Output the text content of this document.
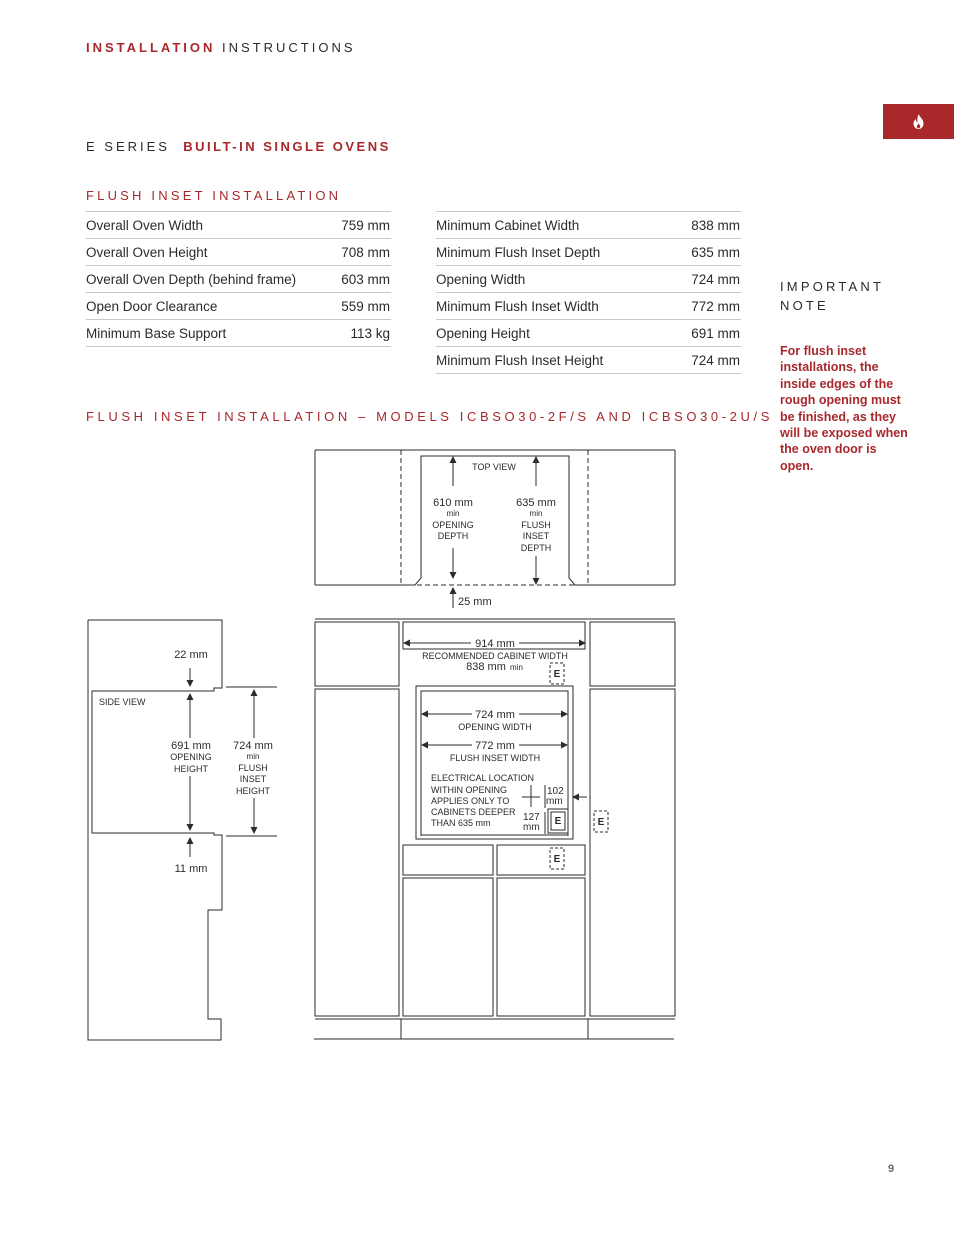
INSTALLATION INSTRUCTIONS
E SERIES BUILT-IN SINGLE OVENS
FLUSH INSET INSTALLATION
Overall Oven Width	759 mm
Overall Oven Height	708 mm
Overall Oven Depth (behind frame)	603 mm
Open Door Clearance	559 mm
Minimum Base Support	113 kg
Minimum Cabinet Width	838 mm
Minimum Flush Inset Depth	635 mm
Opening Width	724 mm
Minimum Flush Inset Width	772 mm
Opening Height	691 mm
Minimum Flush Inset Height	724 mm
FLUSH INSET INSTALLATION – MODELS ICBSO30-2F/S AND ICBSO30-2U/S
IMPORTANT
NOTE
For flush inset installations, the inside edges of the rough opening must be finished, as they will be exposed when the oven door is open.
9
TOP VIEW
610 mm
min
OPENING
DEPTH
635 mm
min
FLUSH
INSET
DEPTH
25 mm
22 mm
SIDE VIEW
691 mm
OPENING
HEIGHT
724 mm
min
FLUSH
INSET
HEIGHT
11 mm
914 mm
RECOMMENDED CABINET WIDTH
838 mm min
724 mm
OPENING WIDTH
772 mm
FLUSH INSET WIDTH
ELECTRICAL LOCATION
WITHIN OPENING
APPLIES ONLY TO
CABINETS DEEPER
THAN 635 mm
102
mm
127
mm
E
E	E
E
